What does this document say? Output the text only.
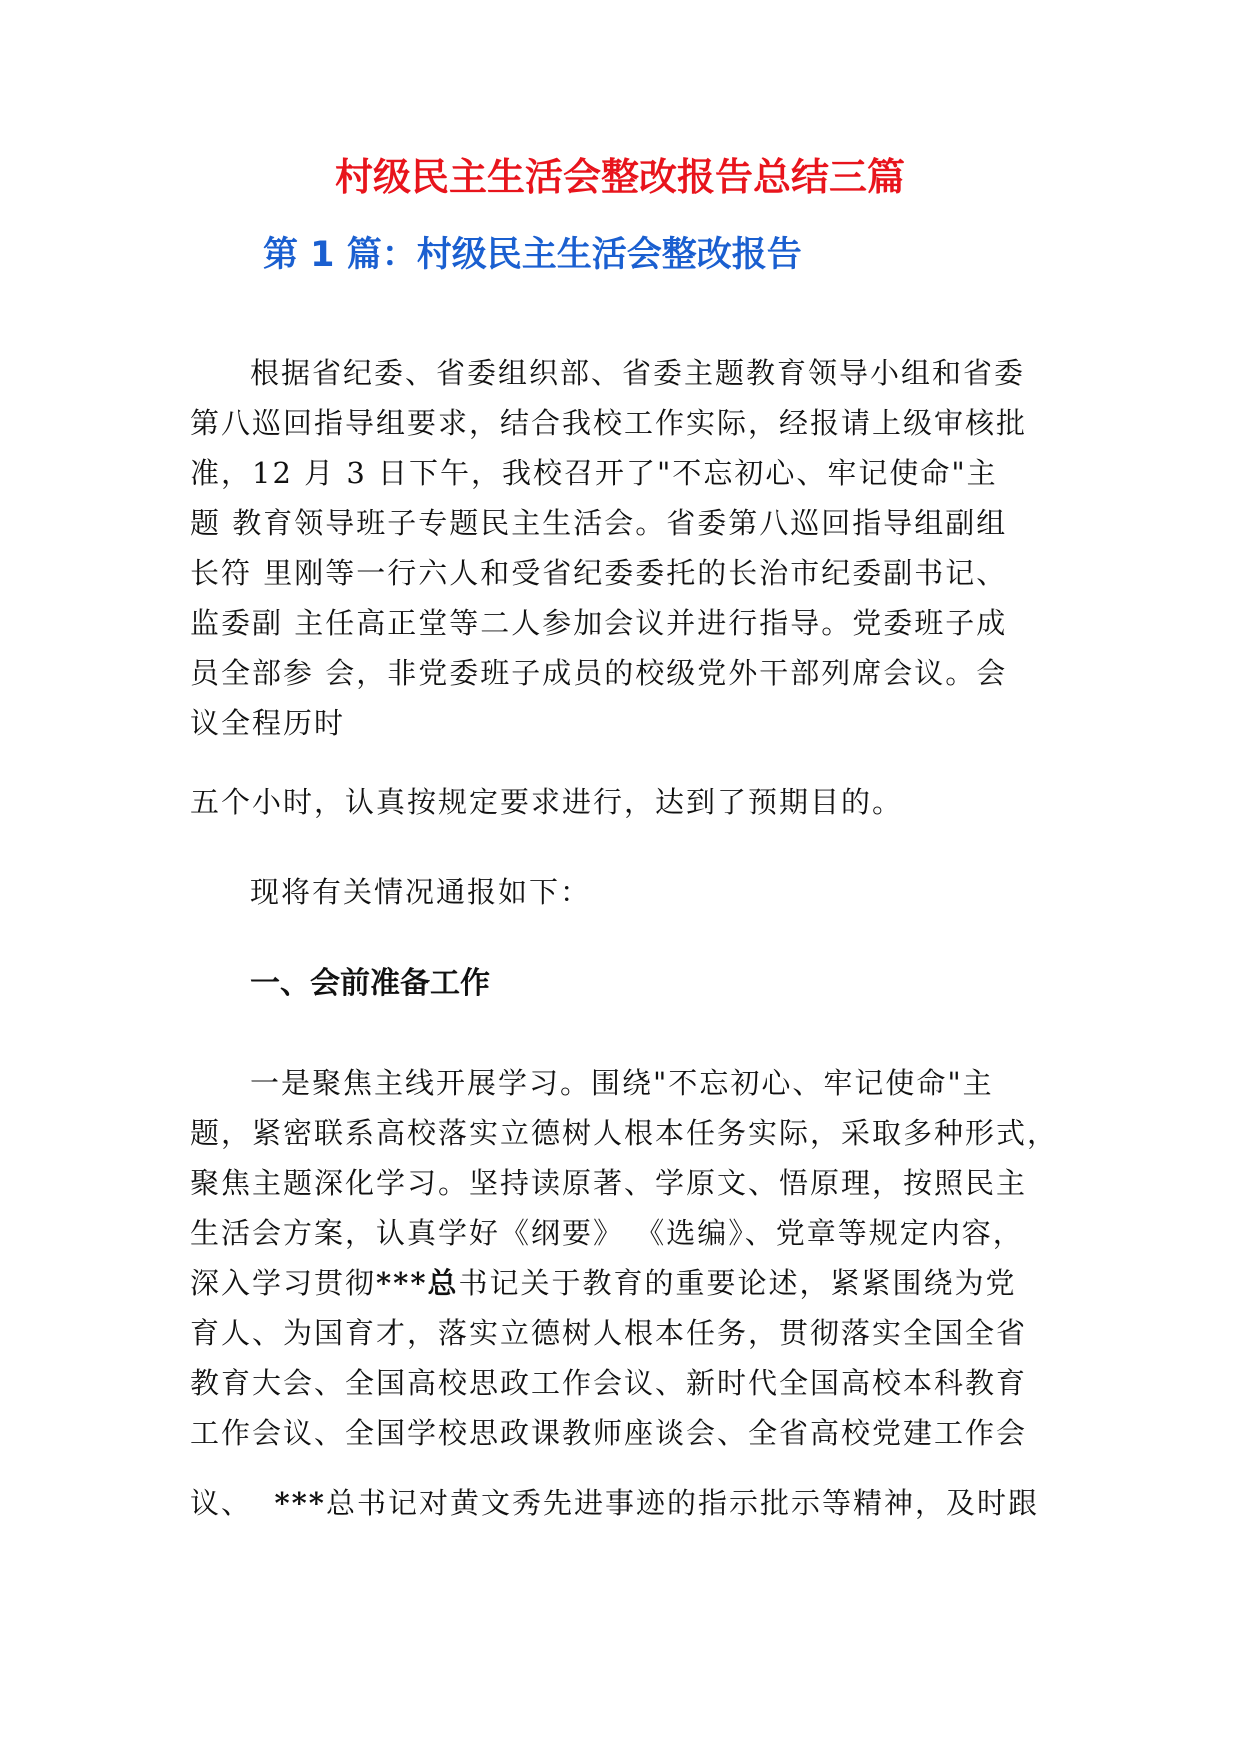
村级民主生活会整改报告总结三篇
第 1 篇：村级民主生活会整改报告
根据省纪委、省委组织部、省委主题教育领导小组和省委
第八巡回指导组要求，结合我校工作实际，经报请上级审核批
准，12 月 3 日下午，我校召开了"不忘初心、牢记使命"主
题 教育领导班子专题民主生活会。省委第八巡回指导组副组
长符 里刚等一行六人和受省纪委委托的长治市纪委副书记、
监委副 主任高正堂等二人参加会议并进行指导。党委班子成
员全部参 会，非党委班子成员的校级党外干部列席会议。会
议全程历时
五个小时，认真按规定要求进行，达到了预期目的。
现将有关情况通报如下：
一、会前准备工作
一是聚焦主线开展学习。围绕"不忘初心、牢记使命"主
题，紧密联系高校落实立德树人根本任务实际，采取多种形式，
聚焦主题深化学习。坚持读原著、学原文、悟原理，按照民主
生活会方案，认真学好《纲要》 《选编》、党章等规定内容，
深入学习贯彻***总书记关于教育的重要论述，紧紧围绕为党
育人、为国育才，落实立德树人根本任务，贯彻落实全国全省
教育大会、全国高校思政工作会议、新时代全国高校本科教育
工作会议、全国学校思政课教师座谈会、全省高校党建工作会
议、  ***总书记对黄文秀先进事迹的指示批示等精神，及时跟
